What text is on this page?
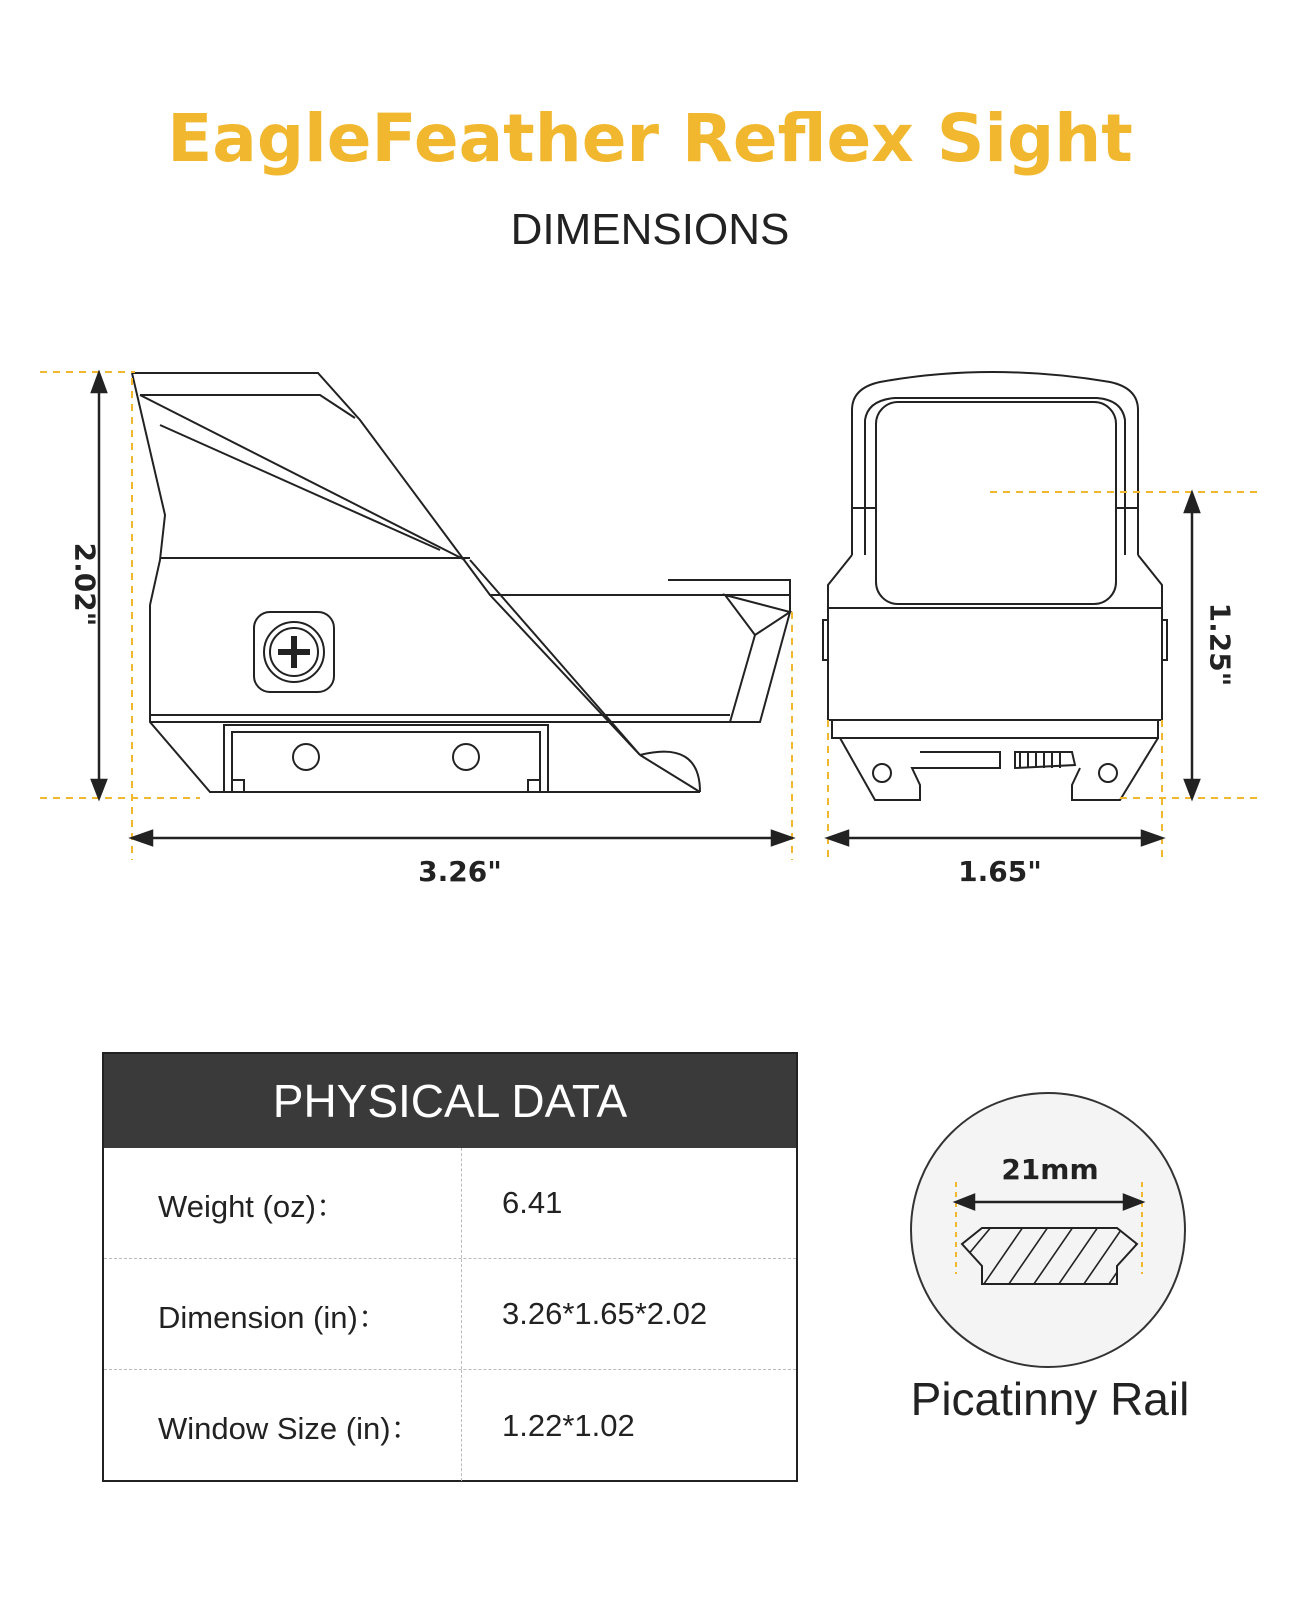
EagleFeather Reflex Sight
DIMENSIONS
2.02"
3.26"	1.65"
1.25"
PHYSICAL DATA
Weight (oz)：	6.41
Dimension (in)：	3.26*1.65*2.02
Window Size (in)：	1.22*1.02
21mm
Picatinny Rail
